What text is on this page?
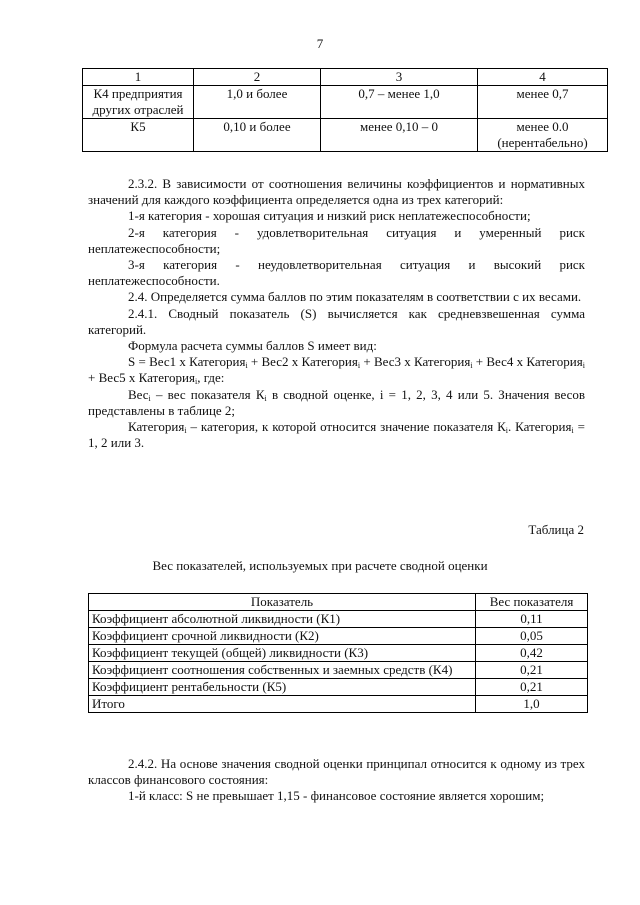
7
1	2	3	4
К4 предприятия других отраслей	1,0 и более	0,7 – менее 1,0	менее 0,7
К5	0,10 и более	менее 0,10 – 0	менее 0.0 (нерентабельно)

2.3.2. В зависимости от соотношения величины коэффициентов и нормативных значений для каждого коэффициента определяется одна из трех категорий:

1-я категория - хорошая ситуация и низкий риск неплатежеспособности;

2-я категория - удовлетворительная ситуация и умеренный риск неплатежеспособности;

3-я категория - неудовлетворительная ситуация и высокий риск неплатежеспособности.

2.4. Определяется сумма баллов по этим показателям в соответствии с их весами.

2.4.1. Сводный показатель (S) вычисляется как средневзвешенная сумма категорий.

Формула расчета суммы баллов S имеет вид:

S = Вес1 х Категория$_i$ + Вес2 х Категория$_i$ + Вес3 х Категория$_i$ + Вес4 х Категория$_i$ + Вес5 х Категория$_i$, где:

Вес$_i$ – вес показателя $К_i$ в сводной оценке, i = 1, 2, 3, 4 или 5. Значения весов представлены в таблице 2;

Категория$_i$ – категория, к которой относится значение показателя $К_i$. Категория$_i$ = 1, 2 или 3.

Таблица 2
Вес показателей, используемых при расчете сводной оценки
Показатель	Вес показателя
Коэффициент абсолютной ликвидности (К1)	0,11
Коэффициент срочной ликвидности (К2)	0,05
Коэффициент текущей (общей) ликвидности (К3)	0,42
Коэффициент соотношения собственных и заемных средств (К4)	0,21
Коэффициент рентабельности (К5)	0,21
Итого	1,0

2.4.2. На основе значения сводной оценки принципал относится к одному из трех классов финансового состояния:

1-й класс: S не превышает 1,15 - финансовое состояние является хорошим;
